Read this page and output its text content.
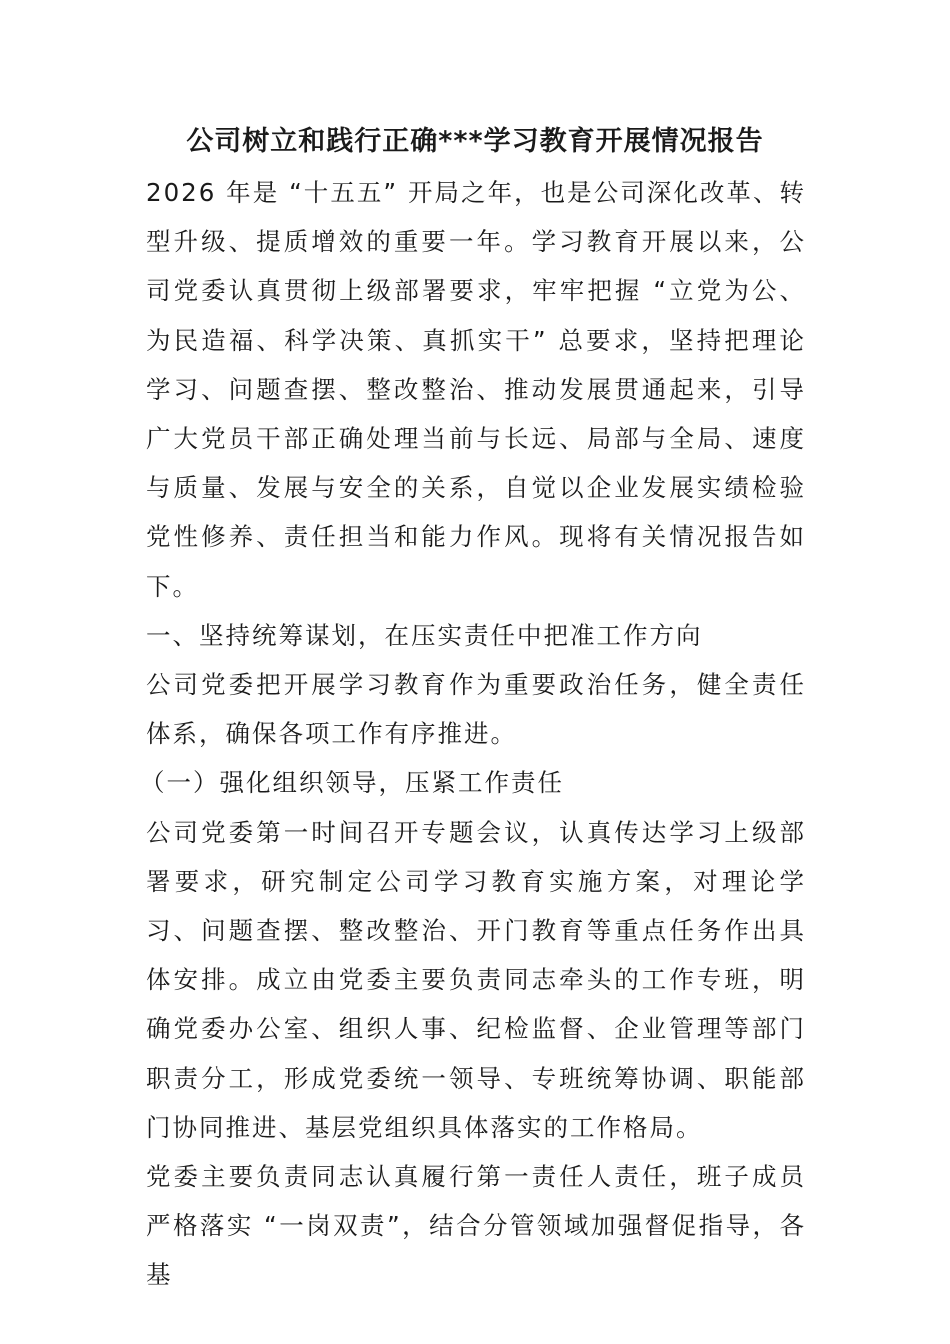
公司树立和践行正确***学习教育开展情况报告

2026 年是 “十五五” 开局之年，也是公司深化改革、转型升级、提质增效的重要一年。学习教育开展以来，公司党委认真贯彻上级部署要求，牢牢把握 “立党为公、为民造福、科学决策、真抓实干” 总要求，坚持把理论学习、问题查摆、整改整治、推动发展贯通起来，引导广大党员干部正确处理当前与长远、局部与全局、速度与质量、发展与安全的关系，自觉以企业发展实绩检验党性修养、责任担当和能力作风。现将有关情况报告如下。

一、坚持统筹谋划，在压实责任中把准工作方向

公司党委把开展学习教育作为重要政治任务，健全责任体系，确保各项工作有序推进。

（一）强化组织领导，压紧工作责任

公司党委第一时间召开专题会议，认真传达学习上级部署要求，研究制定公司学习教育实施方案，对理论学习、问题查摆、整改整治、开门教育等重点任务作出具体安排。成立由党委主要负责同志牵头的工作专班，明确党委办公室、组织人事、纪检监督、企业管理等部门职责分工，形成党委统一领导、专班统筹协调、职能部门协同推进、基层党组织具体落实的工作格局。

党委主要负责同志认真履行第一责任人责任，班子成员严格落实 “一岗双责”，结合分管领域加强督促指导，各基
